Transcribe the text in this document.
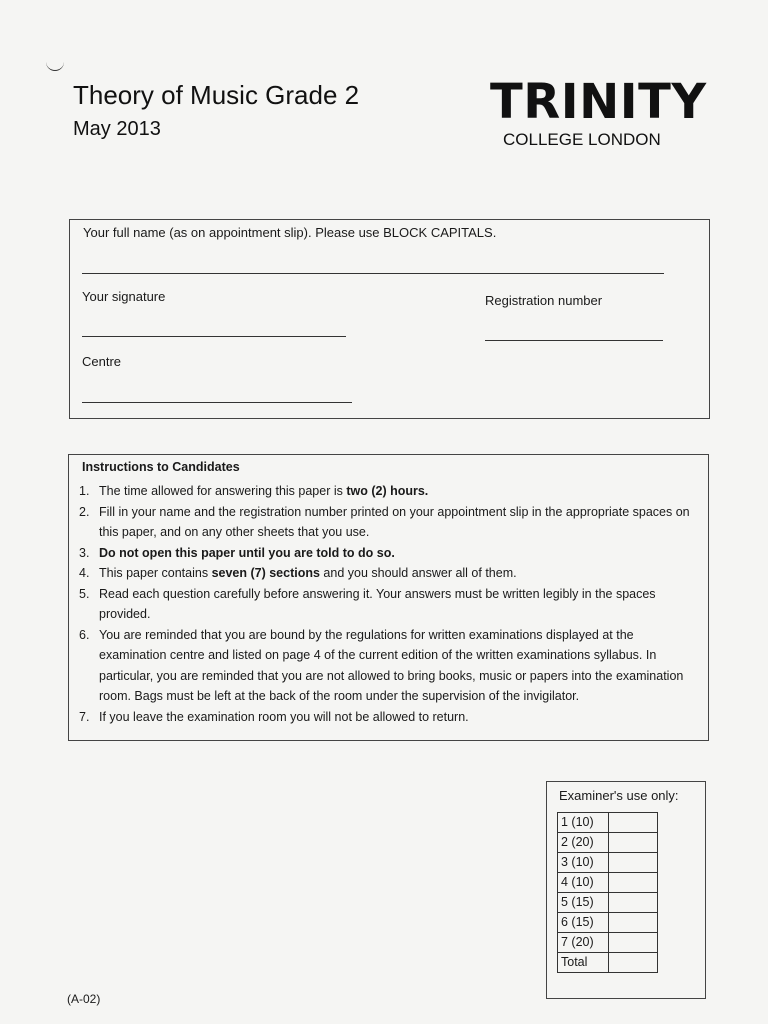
Theory of Music Grade 2
May 2013	TRINITY
COLLEGE LONDON
Your full name (as on appointment slip). Please use BLOCK CAPITALS.
Your signature	Registration number
Centre
Instructions to Candidates
1. The time allowed for answering this paper is two (2) hours.
2. Fill in your name and the registration number printed on your appointment slip in the appropriate spaces on this paper, and on any other sheets that you use.
3. Do not open this paper until you are told to do so.
4. This paper contains seven (7) sections and you should answer all of them.
5. Read each question carefully before answering it. Your answers must be written legibly in the spaces provided.
6. You are reminded that you are bound by the regulations for written examinations displayed at the examination centre and listed on page 4 of the current edition of the written examinations syllabus. In particular, you are reminded that you are not allowed to bring books, music or papers into the examination room. Bags must be left at the back of the room under the supervision of the invigilator.
7. If you leave the examination room you will not be allowed to return.
Examiner's use only:
1 (10)	
2 (20)	
3 (10)	
4 (10)	
5 (15)	
6 (15)	
7 (20)	
Total	
(A-02)
